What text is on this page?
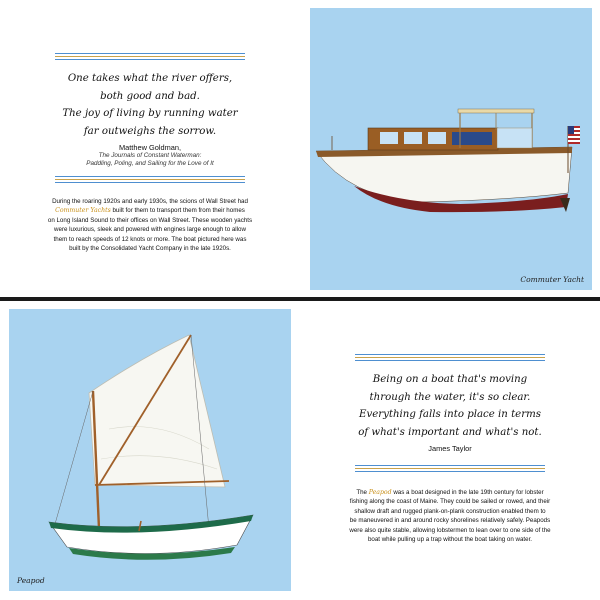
One takes what the river offers,
both good and bad.
The joy of living by running water
far outweighs the sorrow.
Matthew Goldman,
The Journals of Constant Waterman:
Paddling, Poling, and Sailing for the Love of It
During the roaring 1920s and early 1930s, the scions of Wall Street had
Commuter Yachts built for them to transport them from their homes
on Long Island Sound to their offices on Wall Street. These wooden yachts
were luxurious, sleek and powered with engines large enough to allow
them to reach speeds of 12 knots or more. The boat pictured here was
built by the Consolidated Yacht Company in the late 1920s.
Commuter Yacht
Peapod
Being on a boat that's moving
through the water, it's so clear.
Everything falls into place in terms
of what's important and what's not.
James Taylor
The Peapod was a boat designed in the late 19th century for lobster
fishing along the coast of Maine. They could be sailed or rowed, and their
shallow draft and rugged plank-on-plank construction enabled them to
be maneuvered in and around rocky shorelines relatively safely. Peapods
were also quite stable, allowing lobstermen to lean over to one side of the
boat while pulling up a trap without the boat taking on water.
